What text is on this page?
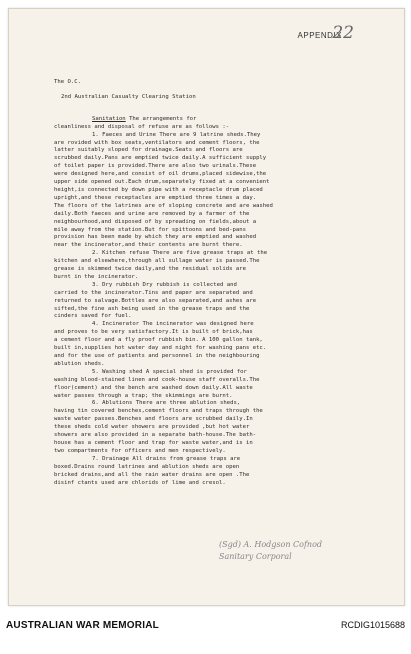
APPENDIX
22
The O.C.
2nd Australian Casualty Clearing Station
Sanitation The arrangements for
cleanliness and disposal of refuse are as follows :-
1. Faeces and Urine There are 9 latrine sheds.They
are rovided with box seats,ventilators and cement floors, the
latter suitably sloped for drainage.Seats and floors are
scrubbed daily.Pans are emptied twice daily.A sufficient supply
of toilet paper is provided.There are also two urinals.These
were designed here,and consist of oil drums,placed sidewise,the
upper side opened out.Each drum,separately fixed at a convenient
height,is connected by down pipe with a receptacle drum placed
upright,and these receptacles are emptied three times a day.
The floors of the latrines are of sloping concrete and are washed
daily.Both faeces and urine are removed by a farmer of the
neighbourhood,and disposed of by spreading on fields,about a
mile away from the station.But for spittoons and bed-pans
provision has been made by which they are emptied and washed
near the incinerator,and their contents are burnt there.
2. Kitchen refuse There are five grease traps at the
kitchen and elsewhere,through all sullage water is passed.The
grease is skimmed twice daily,and the residual solids are
burnt in the incinerator.
3. Dry rubbish Dry rubbish is collected and
carried to the incinerator.Tins and paper are separated and
returned to salvage.Bottles are also separated,and ashes are
sifted,the fine ash being used in the grease traps and the
cinders saved for fuel.
4. Incinerator The incinerator was designed here
and proves to be very satisfactory.It is built of brick,has
a cement floor and a fly proof rubbish bin. A 100 gallon tank,
built in,supplies hot water day and night for washing pans etc.
and for the use of patients and personnel in the neighbouring
ablution sheds.
5. Washing shed A special shed is provided for
washing blood-stained linen and cook-house staff overalls.The
floor(cement) and the bench are washed down daily.All waste
water passes through a trap; the skimmings are burnt.
6. Ablutions There are three ablution sheds,
having tin covered benches,cement floors and traps through the
waste water passes.Benches and floors are scrubbed daily.In
these sheds cold water showers are provided ,but hot water
showers are also provided in a separate bath-house.The bath-
house has a cement floor and trap for waste water,and is in
two compartments for officers and men respectively.
7. Drainage All drains from grease traps are
boxed.Drains round latrines and ablution sheds are open
bricked drains,and all the rain water drains are open .The
disinf ctants used are chlorids of lime and cresol.
(Sgd) A. Hodgson Cofnod
Sanitary Corporal
AUSTRALIAN WAR MEMORIAL	RCDIG1015688
